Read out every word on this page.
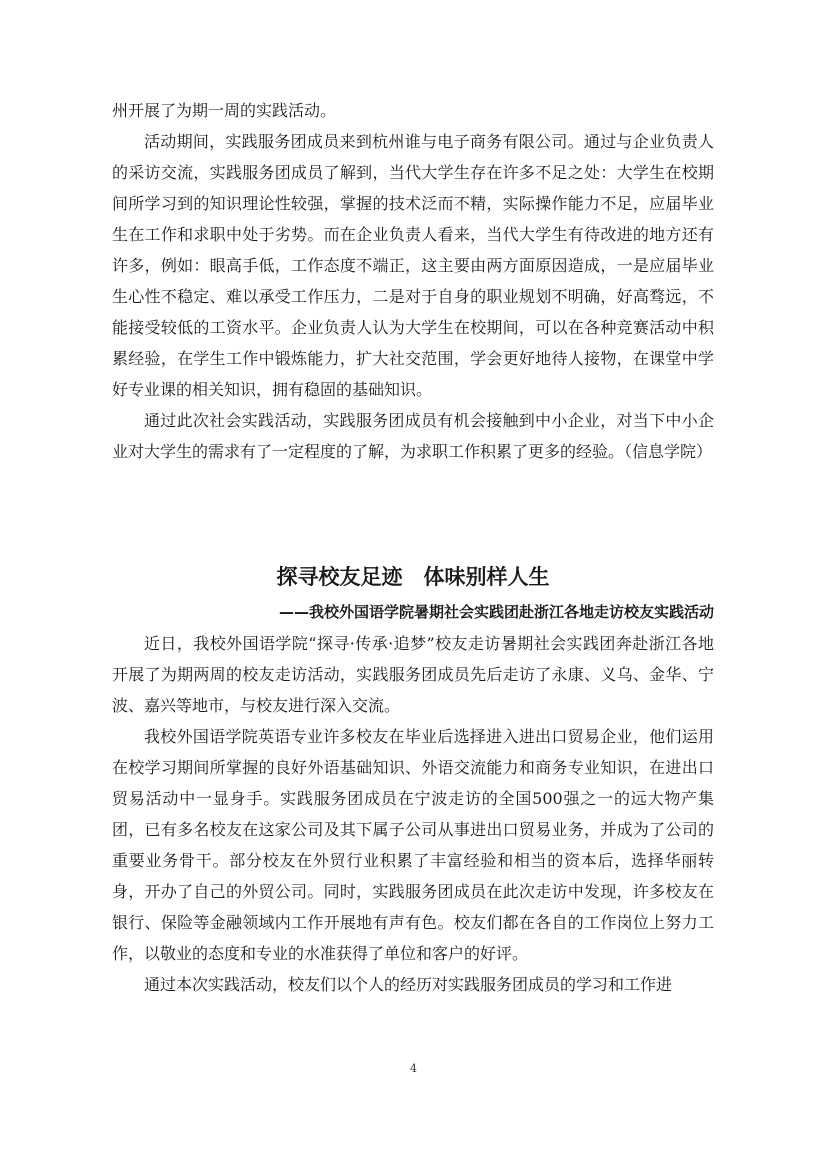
州开展了为期一周的实践活动。

活动期间，实践服务团成员来到杭州谁与电子商务有限公司。通过与企业负责人的采访交流，实践服务团成员了解到，当代大学生存在许多不足之处：大学生在校期间所学习到的知识理论性较强，掌握的技术泛而不精，实际操作能力不足，应届毕业生在工作和求职中处于劣势。而在企业负责人看来，当代大学生有待改进的地方还有许多，例如：眼高手低，工作态度不端正，这主要由两方面原因造成，一是应届毕业生心性不稳定、难以承受工作压力，二是对于自身的职业规划不明确，好高骛远，不能接受较低的工资水平。企业负责人认为大学生在校期间，可以在各种竞赛活动中积累经验，在学生工作中锻炼能力，扩大社交范围，学会更好地待人接物，在课堂中学好专业课的相关知识，拥有稳固的基础知识。

通过此次社会实践活动，实践服务团成员有机会接触到中小企业，对当下中小企业对大学生的需求有了一定程度的了解，为求职工作积累了更多的经验。（信息学院）

探寻校友足迹　体味别样人生
——我校外国语学院暑期社会实践团赴浙江各地走访校友实践活动

近日，我校外国语学院“探寻·传承·追梦”校友走访暑期社会实践团奔赴浙江各地开展了为期两周的校友走访活动，实践服务团成员先后走访了永康、义乌、金华、宁波、嘉兴等地市，与校友进行深入交流。

我校外国语学院英语专业许多校友在毕业后选择进入进出口贸易企业，他们运用在校学习期间所掌握的良好外语基础知识、外语交流能力和商务专业知识，在进出口贸易活动中一显身手。实践服务团成员在宁波走访的全国500强之一的远大物产集团，已有多名校友在这家公司及其下属子公司从事进出口贸易业务，并成为了公司的重要业务骨干。部分校友在外贸行业积累了丰富经验和相当的资本后，选择华丽转身，开办了自己的外贸公司。同时，实践服务团成员在此次走访中发现，许多校友在银行、保险等金融领域内工作开展地有声有色。校友们都在各自的工作岗位上努力工作，以敬业的态度和专业的水准获得了单位和客户的好评。

通过本次实践活动，校友们以个人的经历对实践服务团成员的学习和工作进

4
